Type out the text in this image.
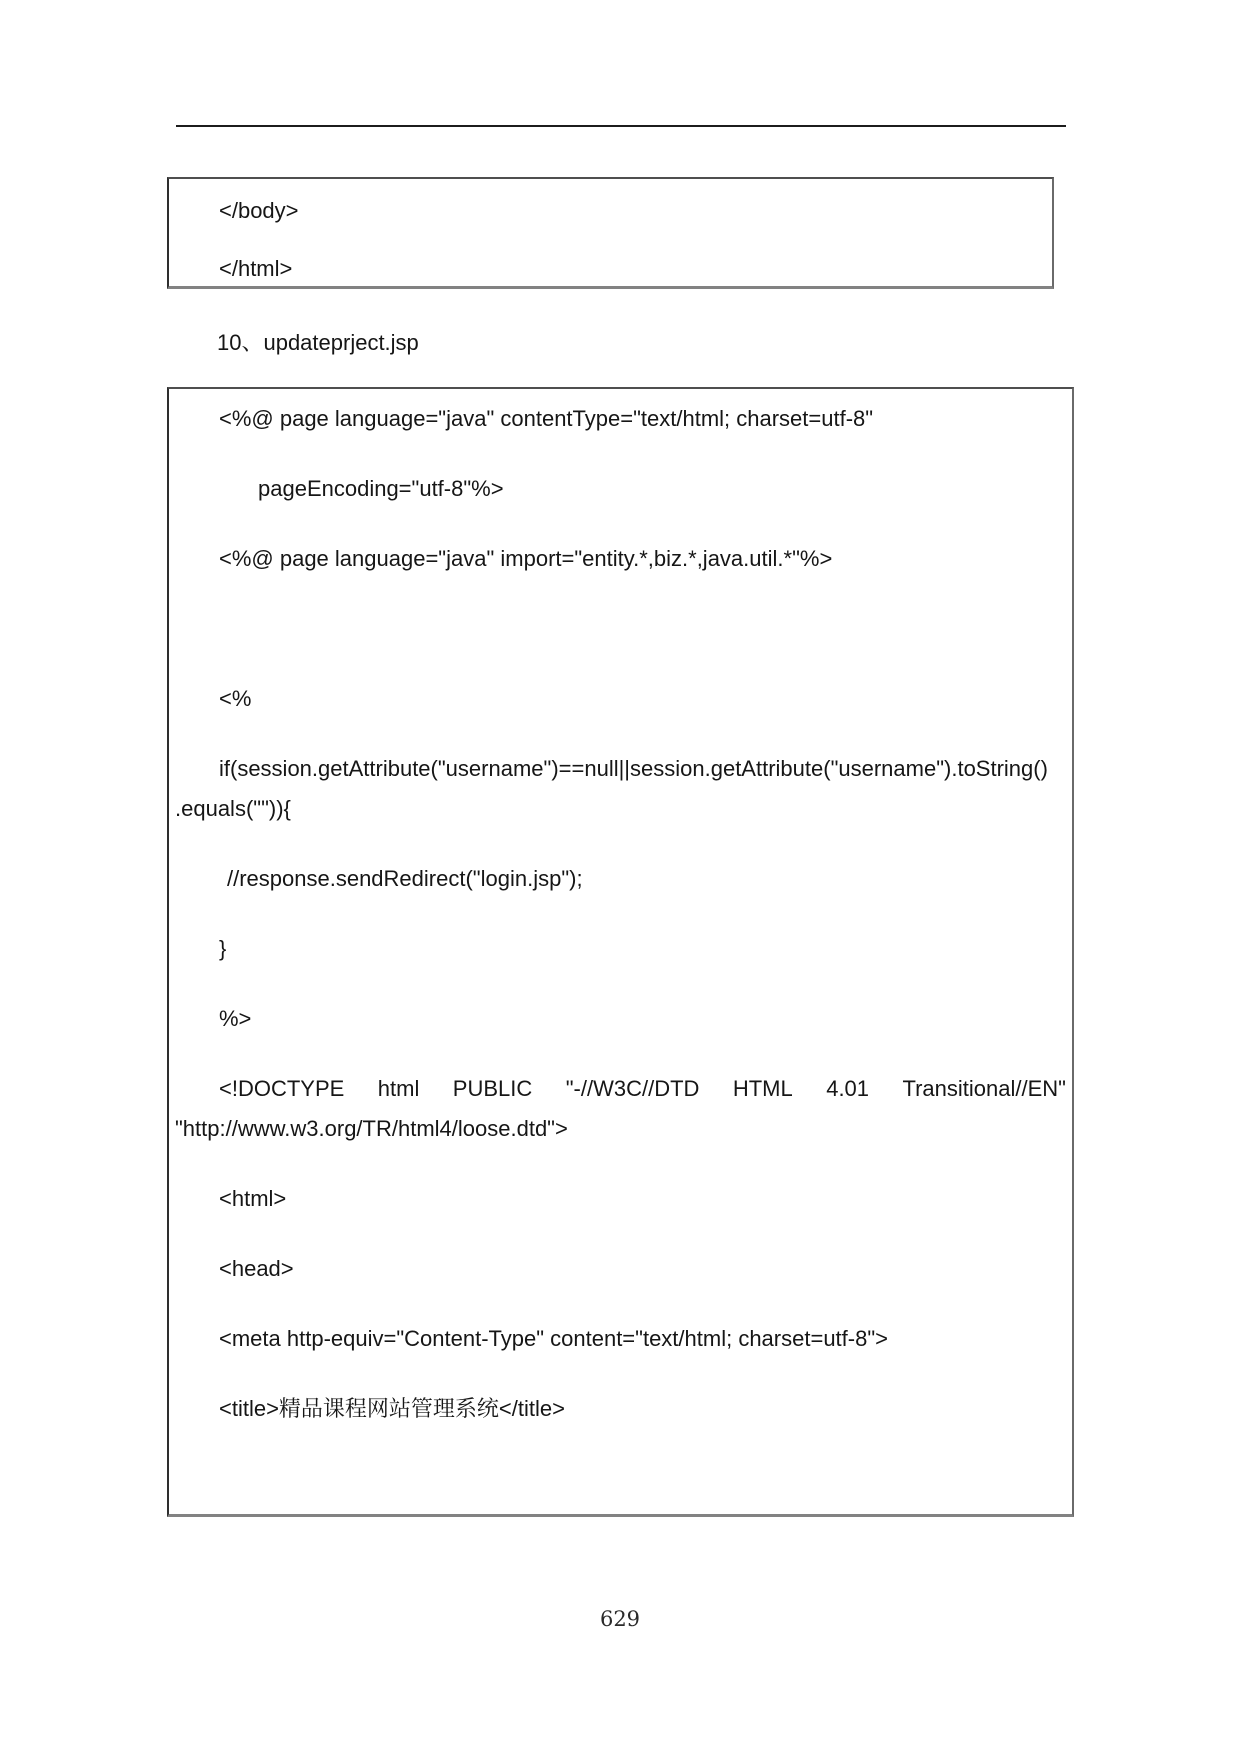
</body>
</html>
10、updateprject.jsp
<%@ page language="java" contentType="text/html; charset=utf-8"
pageEncoding="utf-8"%>
<%@ page language="java" import="entity.*,biz.*,java.util.*"%>

<%
if(session.getAttribute("username")==null||session.getAttribute("username").toString()
.equals("")){
//response.sendRedirect("login.jsp");
}
%>
<!DOCTYPE html PUBLIC "-//W3C//DTD HTML 4.01 Transitional//EN"
"http://www.w3.org/TR/html4/loose.dtd">
<html>
<head>
<meta http-equiv="Content-Type" content="text/html; charset=utf-8">
<title>精品课程网站管理系统</title>

629
